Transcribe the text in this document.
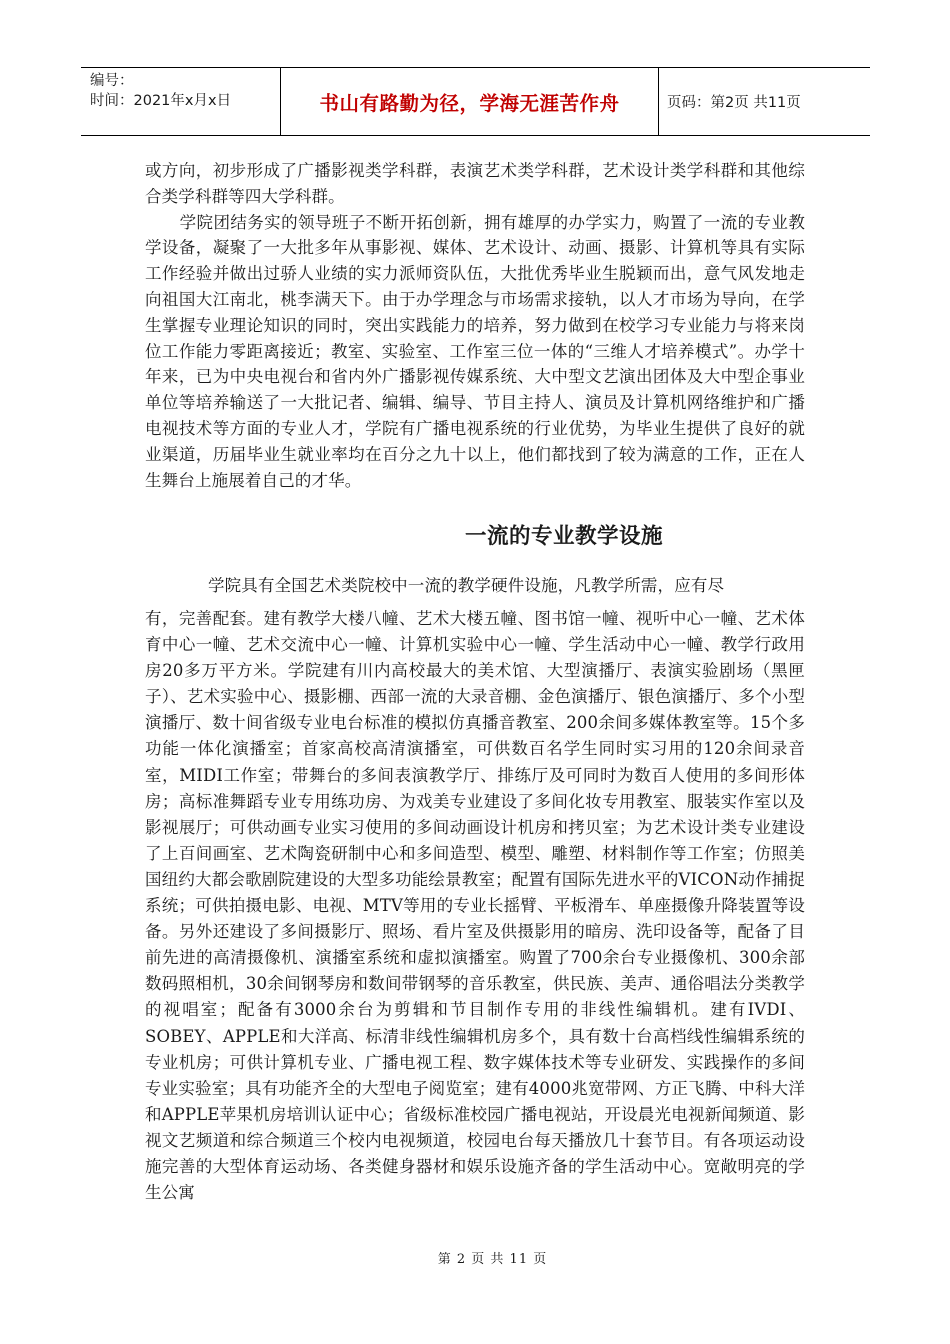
编号：
时间：2021年x月x日	书山有路勤为径，学海无涯苦作舟	页码：第2页 共11页

或方向，初步形成了广播影视类学科群，表演艺术类学科群，艺术设计类学科群和其他综合类学科群等四大学科群。

学院团结务实的领导班子不断开拓创新，拥有雄厚的办学实力，购置了一流的专业教学设备，凝聚了一大批多年从事影视、媒体、艺术设计、动画、摄影、计算机等具有实际工作经验并做出过骄人业绩的实力派师资队伍，大批优秀毕业生脱颖而出，意气风发地走向祖国大江南北，桃李满天下。由于办学理念与市场需求接轨，以人才市场为导向，在学生掌握专业理论知识的同时，突出实践能力的培养，努力做到在校学习专业能力与将来岗位工作能力零距离接近；教室、实验室、工作室三位一体的“三维人才培养模式”。办学十年来，已为中央电视台和省内外广播影视传媒系统、大中型文艺演出团体及大中型企事业单位等培养输送了一大批记者、编辑、编导、节目主持人、演员及计算机网络维护和广播电视技术等方面的专业人才，学院有广播电视系统的行业优势，为毕业生提供了良好的就业渠道，历届毕业生就业率均在百分之九十以上，他们都找到了较为满意的工作，正在人生舞台上施展着自己的才华。

一流的专业教学设施
学院具有全国艺术类院校中一流的教学硬件设施，凡教学所需，应有尽

有，完善配套。建有教学大楼八幢、艺术大楼五幢、图书馆一幢、视听中心一幢、艺术体育中心一幢、艺术交流中心一幢、计算机实验中心一幢、学生活动中心一幢、教学行政用房20多万平方米。学院建有川内高校最大的美术馆、大型演播厅、表演实验剧场（黑匣子）、艺术实验中心、摄影棚、西部一流的大录音棚、金色演播厅、银色演播厅、多个小型演播厅、数十间省级专业电台标准的模拟仿真播音教室、200余间多媒体教室等。15个多功能一体化演播室；首家高校高清演播室，可供数百名学生同时实习用的120余间录音室，MIDI工作室；带舞台的多间表演教学厅、排练厅及可同时为数百人使用的多间形体房；高标准舞蹈专业专用练功房、为戏美专业建设了多间化妆专用教室、服装实作室以及影视展厅；可供动画专业实习使用的多间动画设计机房和拷贝室；为艺术设计类专业建设了上百间画室、艺术陶瓷研制中心和多间造型、模型、雕塑、材料制作等工作室；仿照美国纽约大都会歌剧院建设的大型多功能绘景教室；配置有国际先进水平的VICON动作捕捉系统；可供拍摄电影、电视、MTV等用的专业长摇臂、平板滑车、单座摄像升降装置等设备。另外还建设了多间摄影厅、照场、看片室及供摄影用的暗房、洗印设备等，配备了目前先进的高清摄像机、演播室系统和虚拟演播室。购置了700余台专业摄像机、300余部数码照相机，30余间钢琴房和数间带钢琴的音乐教室，供民族、美声、通俗唱法分类教学的视唱室；配备有3000余台为剪辑和节目制作专用的非线性编辑机。建有IVDI、SOBEY、APPLE和大洋高、标清非线性编辑机房多个，具有数十台高档线性编辑系统的专业机房；可供计算机专业、广播电视工程、数字媒体技术等专业研发、实践操作的多间专业实验室；具有功能齐全的大型电子阅览室；建有4000兆宽带网、方正飞腾、中科大洋和APPLE苹果机房培训认证中心；省级标准校园广播电视站，开设晨光电视新闻频道、影视文艺频道和综合频道三个校内电视频道，校园电台每天播放几十套节目。有各项运动设施完善的大型体育运动场、各类健身器材和娱乐设施齐备的学生活动中心。宽敞明亮的学生公寓

第 2 页 共 11 页
